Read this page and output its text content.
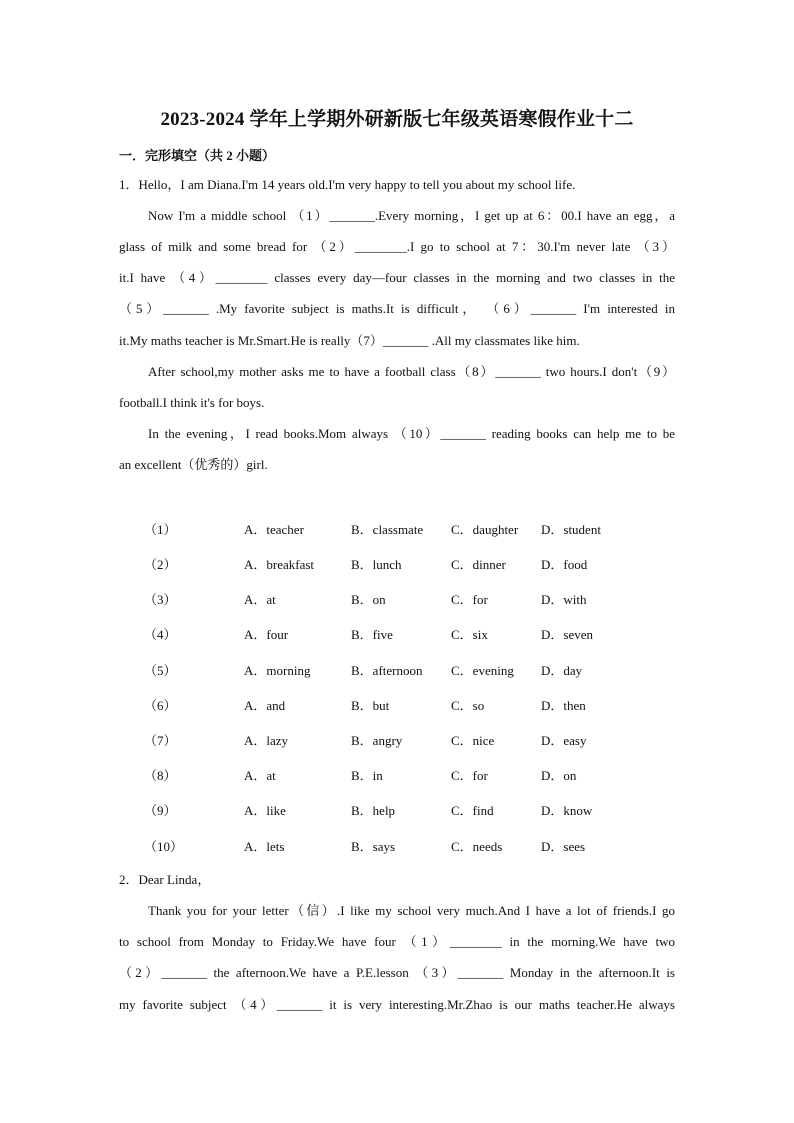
2023-2024 学年上学期外研新版七年级英语寒假作业十二
一．完形填空（共 2 小题）
1．Hello，I am Diana.I'm 14 years old.I'm very happy to tell you about my school life.
Now I'm a middle school （1）_______.Every morning，I get up at 6：00.I have an egg，a
glass of milk and some bread for （2）________.I go to school at 7：30.I'm never late （3）
it.I have （4）________ classes every day—four classes in the morning and two classes in the
（5）_______ .My favorite subject is maths.It is difficult， （6）_______ I'm interested in
it.My maths teacher is Mr.Smart.He is really（7）_______ .All my classmates like him.
After school,my mother asks me to have a football class（8）_______ two hours.I don't（9）
football.I think it's for boys.
In the evening，I read books.Mom always （10）_______ reading books can help me to be
an excellent（优秀的）girl.
（1）	A．teacher	B．classmate C．daughter D．student
（2）	A．breakfast	B．lunch	C．dinner	D．food
（3）	A．at	B．on	C．for	D．with
（4）	A．four	B．five	C．six	D．seven
（5）	A．morning	B．afternoon C．evening D．day
（6）	A．and	B．but	C．so	D．then
（7）	A．lazy	B．angry	C．nice	D．easy
（8）	A．at	B．in	C．for	D．on
（9）	A．like	B．help	C．find	D．know
（10）	A．lets	B．says	C．needs	D．sees
2．Dear Linda，
Thank you for your letter（信）.I like my school very much.And I have a lot of friends.I go
to school from Monday to Friday.We have four （1）________ in the morning.We have two
（2）_______ the afternoon.We have a P.E.lesson （3）_______ Monday in the afternoon.It is
my favorite subject （4）_______ it is very interesting.Mr.Zhao is our maths teacher.He always
